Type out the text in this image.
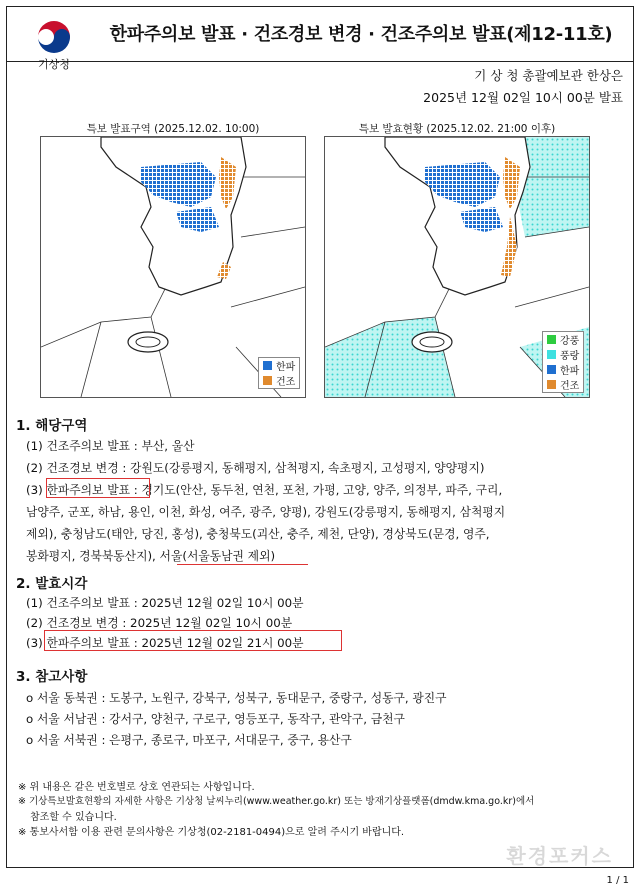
기상청
한파주의보 발표 · 건조경보 변경 · 건조주의보 발표(제12-11호)
기 상 청 총괄예보관 한상은
2025년 12월 02일 10시 00분 발표
특보 발표구역 (2025.12.02. 10:00)
한파
건조
특보 발효현황 (2025.12.02. 21:00 이후)
강풍
풍랑
한파
건조
1. 해당구역
(1) 건조주의보 발표 : 부산, 울산
(2) 건조경보 변경 : 강원도(강릉평지, 동해평지, 삼척평지, 속초평지, 고성평지, 양양평지)
(3) 한파주의보 발표 : 경기도(안산, 동두천, 연천, 포천, 가평, 고양, 양주, 의정부, 파주, 구리,
남양주, 군포, 하남, 용인, 이천, 화성, 여주, 광주, 양평), 강원도(강릉평지, 동해평지, 삼척평지
제외), 충청남도(태안, 당진, 홍성), 충청북도(괴산, 충주, 제천, 단양), 경상북도(문경, 영주,
봉화평지, 경북북동산지), 서울(서울동남권 제외)
2. 발효시각
(1) 건조주의보 발표 : 2025년 12월 02일 10시 00분
(2) 건조경보 변경 : 2025년 12월 02일 10시 00분
(3) 한파주의보 발표 : 2025년 12월 02일 21시 00분
3. 참고사항
o 서울 동북권 : 도봉구, 노원구, 강북구, 성북구, 동대문구, 중랑구, 성동구, 광진구
o 서울 서남권 : 강서구, 양천구, 구로구, 영등포구, 동작구, 관악구, 금천구
o 서울 서북권 : 은평구, 종로구, 마포구, 서대문구, 중구, 용산구
※ 위 내용은 같은 번호별로 상호 연관되는 사항입니다.
※ 기상특보발효현황의 자세한 사항은 기상청 날씨누리(www.weather.go.kr) 또는 방재기상플랫폼(dmdw.kma.go.kr)에서
참조할 수 있습니다.
※ 통보사서함 이용 관련 문의사항은 기상청(02-2181-0494)으로 알려 주시기 바랍니다.
환경포커스
1 / 1
